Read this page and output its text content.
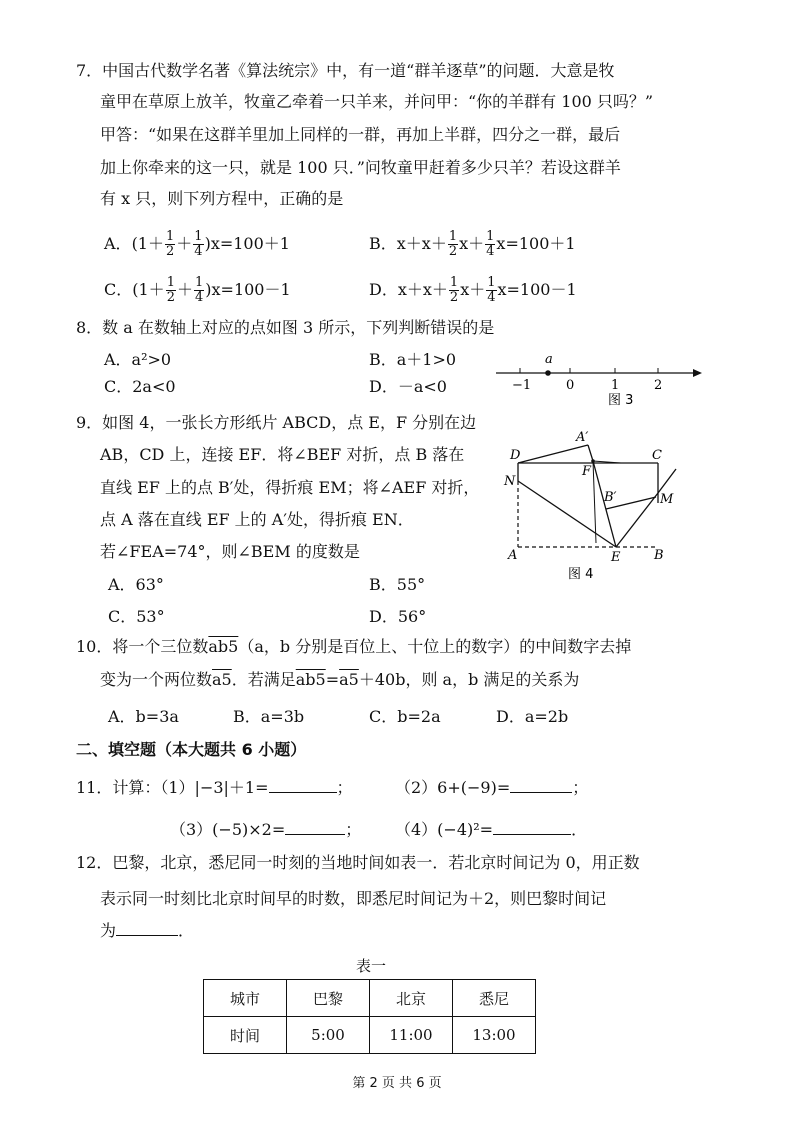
7．中国古代数学名著《算法统宗》中，有一道“群羊逐草”的问题．大意是牧
童甲在草原上放羊，牧童乙牵着一只羊来，并问甲：“你的羊群有 100 只吗？”
甲答：“如果在这群羊里加上同样的一群，再加上半群，四分之一群，最后
加上你牵来的这一只，就是 100 只．”问牧童甲赶着多少只羊？若设这群羊
有 x 只，则下列方程中，正确的是
A．$(1+ \frac{1}{2} + \frac{1}{4} )x=100+1$	B．$x+x+ \frac{1}{2} x+ \frac{1}{4} x=100+1$
C．$(1+ \frac{1}{2} + \frac{1}{4} )x=100-1$	D．$x+x+ \frac{1}{2} x+ \frac{1}{4} x=100-1$
8．数 a 在数轴上对应的点如图 3 所示，下列判断错误的是
A．a²>0	B．a＋1>0
C．2a<0	D．－a<0
a
−1	0	1	2
图 3
9．如图 4，一张长方形纸片 ABCD，点 E，F 分别在边
AB，CD 上，连接 EF．将∠BEF 对折，点 B 落在
直线 EF 上的点 B′处，得折痕 EM；将∠AEF 对折，
点 A 落在直线 EF 上的 A′处，得折痕 EN．
若∠FEA=74°，则∠BEM 的度数是
A．63°	B．55°
C．53°	D．56°
D
A′
C
F
N
B′	M
A	E	B
图 4
10．将一个三位数ab5（a，b 分别是百位上、十位上的数字）的中间数字去掉
变为一个两位数a5．若满足ab5=a5＋40b，则 a，b 满足的关系为
A．b=3a	B．a=3b	C．b=2a	D．a=2b
二、填空题（本大题共 6 小题）
11．计算：（1）|−3|＋1=	；	（2）6+(−9)=	；
（3）(−5)×2=	； （4）(−4)²=	．
12．巴黎，北京，悉尼同一时刻的当地时间如表一．若北京时间记为 0，用正数
表示同一时刻比北京时间早的时数，即悉尼时间记为＋2，则巴黎时间记
为	．
表一
城市	巴黎	北京	悉尼
时间	5:00	11:00	13:00
第 2 页 共 6 页
